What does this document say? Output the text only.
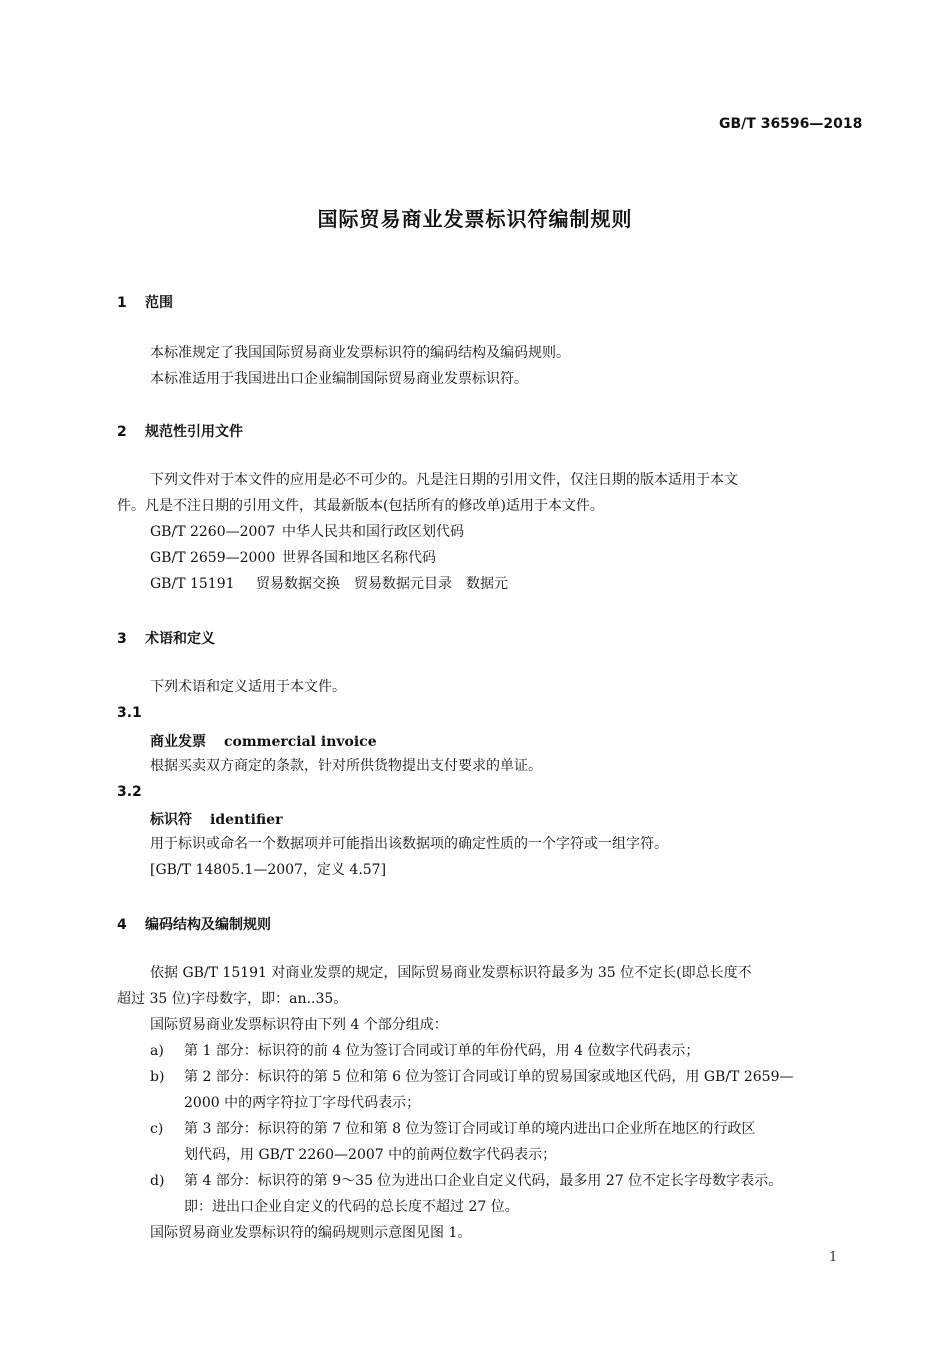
GB/T 36596—2018
国际贸易商业发票标识符编制规则
1 范围
本标准规定了我国国际贸易商业发票标识符的编码结构及编码规则。
本标准适用于我国进出口企业编制国际贸易商业发票标识符。
2 规范性引用文件
下列文件对于本文件的应用是必不可少的。凡是注日期的引用文件，仅注日期的版本适用于本文
件。凡是不注日期的引用文件，其最新版本(包括所有的修改单)适用于本文件。
GB/T 2260—2007 中华人民共和国行政区划代码
GB/T 2659—2000 世界各国和地区名称代码
GB/T 15191 贸易数据交换　贸易数据元目录　数据元
3 术语和定义
下列术语和定义适用于本文件。
3.1
商业发票 commercial invoice
根据买卖双方商定的条款，针对所供货物提出支付要求的单证。
3.2
标识符 identifier
用于标识或命名一个数据项并可能指出该数据项的确定性质的一个字符或一组字符。
[GB/T 14805.1—2007，定义 4.57]
4 编码结构及编制规则
依据 GB/T 15191 对商业发票的规定，国际贸易商业发票标识符最多为 35 位不定长(即总长度不
超过 35 位)字母数字，即：an..35。
国际贸易商业发票标识符由下列 4 个部分组成：
a) 第 1 部分：标识符的前 4 位为签订合同或订单的年份代码，用 4 位数字代码表示；
b) 第 2 部分：标识符的第 5 位和第 6 位为签订合同或订单的贸易国家或地区代码，用 GB/T 2659—
2000 中的两字符拉丁字母代码表示；
c) 第 3 部分：标识符的第 7 位和第 8 位为签订合同或订单的境内进出口企业所在地区的行政区
划代码，用 GB/T 2260—2007 中的前两位数字代码表示；
d) 第 4 部分：标识符的第 9～35 位为进出口企业自定义代码，最多用 27 位不定长字母数字表示。
即：进出口企业自定义的代码的总长度不超过 27 位。
国际贸易商业发票标识符的编码规则示意图见图 1。
1
